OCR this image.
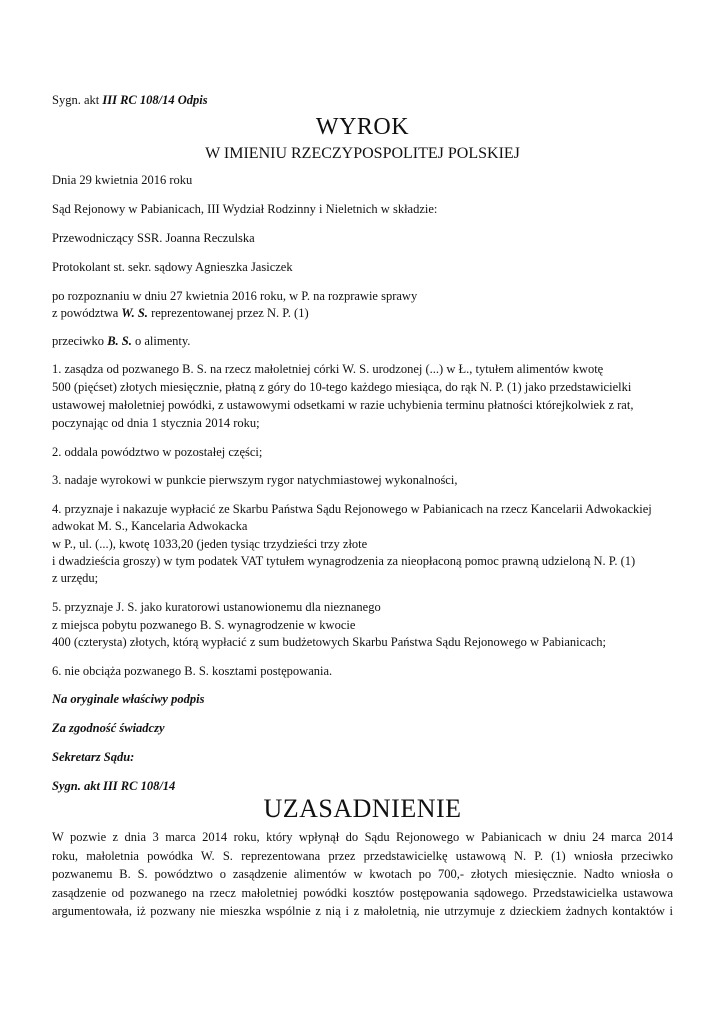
Sygn. akt III RC 108/14 Odpis
WYROK
W IMIENIU RZECZYPOSPOLITEJ POLSKIEJ
Dnia 29 kwietnia 2016 roku
Sąd Rejonowy w Pabianicach, III Wydział Rodzinny i Nieletnich w składzie:
Przewodniczący SSR. Joanna Reczulska
Protokolant st. sekr. sądowy Agnieszka Jasiczek
po rozpoznaniu w dniu 27 kwietnia 2016 roku, w P. na rozprawie sprawy
z powództwa W. S. reprezentowanej przez N. P. (1)
przeciwko B. S. o alimenty.
1. zasądza od pozwanego B. S. na rzecz małoletniej córki W. S. urodzonej (...) w Ł., tytułem alimentów kwotę
500 (pięćset) złotych miesięcznie, płatną z góry do 10-tego każdego miesiąca, do rąk N. P. (1) jako przedstawicielki
ustawowej małoletniej powódki, z ustawowymi odsetkami w razie uchybienia terminu płatności którejkolwiek z rat,
poczynając od dnia 1 stycznia 2014 roku;
2. oddala powództwo w pozostałej części;
3. nadaje wyrokowi w punkcie pierwszym rygor natychmiastowej wykonalności,
4. przyznaje i nakazuje wypłacić ze Skarbu Państwa Sądu Rejonowego w Pabianicach na rzecz Kancelarii Adwokackiej
adwokat M. S., Kancelaria Adwokacka
w P., ul. (...), kwotę 1033,20 (jeden tysiąc trzydzieści trzy złote
i dwadzieścia groszy) w tym podatek VAT tytułem wynagrodzenia za nieopłaconą pomoc prawną udzieloną N. P. (1)
z urzędu;
5. przyznaje J. S. jako kuratorowi ustanowionemu dla nieznanego
z miejsca pobytu pozwanego B. S. wynagrodzenie w kwocie
400 (czterysta) złotych, którą wypłacić z sum budżetowych Skarbu Państwa Sądu Rejonowego w Pabianicach;
6. nie obciąża pozwanego B. S. kosztami postępowania.
Na oryginale właściwy podpis
Za zgodność świadczy
Sekretarz Sądu:
Sygn. akt III RC 108/14
UZASADNIENIE
W pozwie z dnia 3 marca 2014 roku, który wpłynął do Sądu Rejonowego w Pabianicach w dniu 24 marca 2014
roku, małoletnia powódka W. S. reprezentowana przez przedstawicielkę ustawową N. P. (1) wniosła przeciwko
pozwanemu B. S. powództwo o zasądzenie alimentów w kwotach po 700,- złotych miesięcznie. Nadto wniosła o
zasądzenie od pozwanego na rzecz małoletniej powódki kosztów postępowania sądowego. Przedstawicielka ustawowa
argumentowała, iż pozwany nie mieszka wspólnie z nią i z małoletnią, nie utrzymuje z dzieckiem żadnych kontaktów i
